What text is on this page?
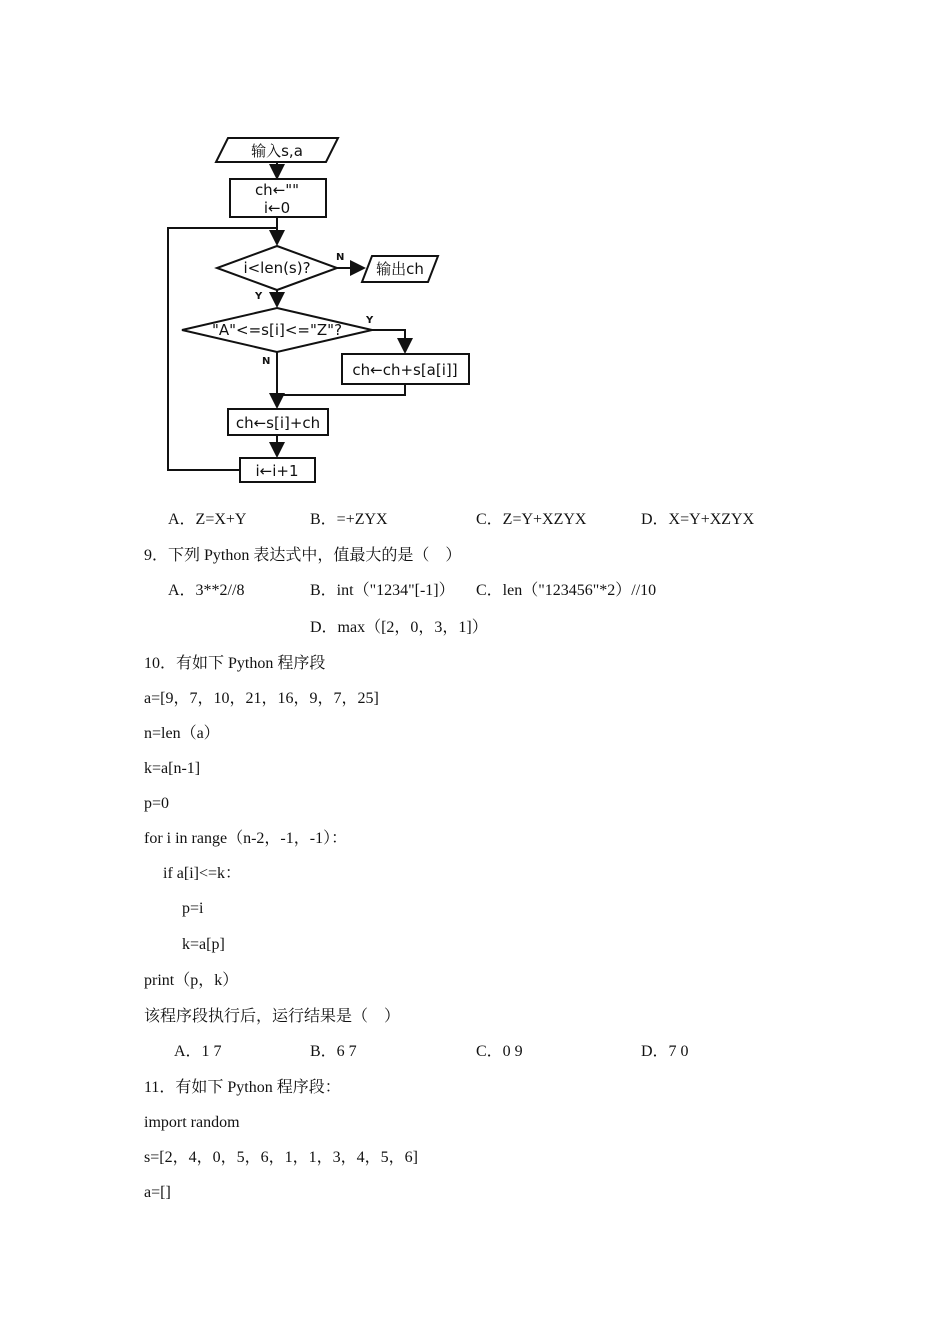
输入s,a
ch←""
i←0
i<len(s)?
N
输出ch
Y
"A"<=s[i]<="Z"?
Y
ch←ch+s[a[i]]
N
ch←s[i]+ch
i←i+1
A．Z=X+Y	B．=+ZYX	C．Z=Y+XZYX	D．X=Y+XZYX
9．下列 Python 表达式中，值最大的是（　）
A．3**2//8	B．int（"1234"[-1]） C．len（"123456"*2）//10
D．max（[2，0，3，1]）
10．有如下 Python 程序段
a=[9，7，10，21，16，9，7，25]
n=len（a）
k=a[n-1]
p=0
for i in range（n-2，-1，-1）：
if a[i]<=k：
p=i
k=a[p]
print（p，k）
该程序段执行后，运行结果是（　）
A．1 7	B．6 7	C．0 9	D．7 0
11．有如下 Python 程序段：
import random
s=[2，4，0，5，6，1，1，3，4，5，6]
a=[]
